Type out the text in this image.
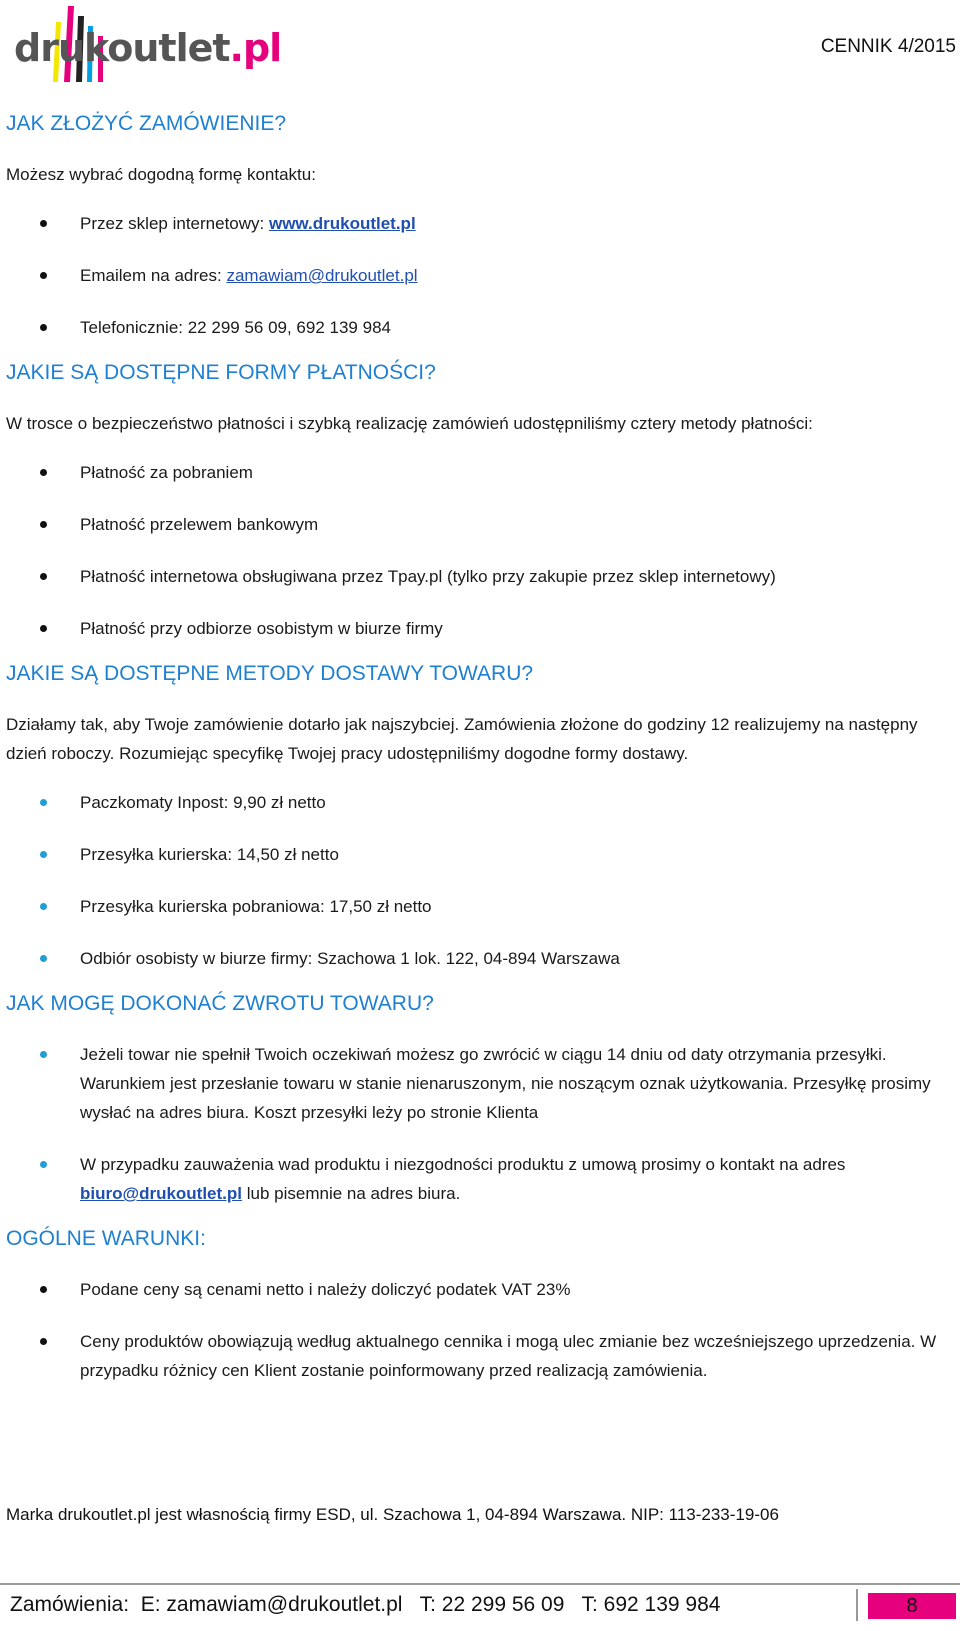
drukoutlet.pl	CENNIK 4/2015
JAK ZŁOŻYĆ ZAMÓWIENIE?

Możesz wybrać dogodną formę kontaktu:

Przez sklep internetowy: www.drukoutlet.pl
Emailem na adres: zamawiam@drukoutlet.pl
Telefonicznie: 22 299 56 09, 692 139 984
JAKIE SĄ DOSTĘPNE FORMY PŁATNOŚCI?

W trosce o bezpieczeństwo płatności i szybką realizację zamówień udostępniliśmy cztery metody płatności:

Płatność za pobraniem
Płatność przelewem bankowym
Płatność internetowa obsługiwana przez Tpay.pl (tylko przy zakupie przez sklep internetowy)
Płatność przy odbiorze osobistym w biurze firmy
JAKIE SĄ DOSTĘPNE METODY DOSTAWY TOWARU?

Działamy tak, aby Twoje zamówienie dotarło jak najszybciej. Zamówienia złożone do godziny 12 realizujemy na następny dzień roboczy. Rozumiejąc specyfikę Twojej pracy udostępniliśmy dogodne formy dostawy.

Paczkomaty Inpost: 9,90 zł netto
Przesyłka kurierska: 14,50 zł netto
Przesyłka kurierska pobraniowa: 17,50 zł netto
Odbiór osobisty w biurze firmy: Szachowa 1 lok. 122, 04-894 Warszawa
JAK MOGĘ DOKONAĆ ZWROTU TOWARU?
Jeżeli towar nie spełnił Twoich oczekiwań możesz go zwrócić w ciągu 14 dniu od daty otrzymania przesyłki. Warunkiem jest przesłanie towaru w stanie nienaruszonym, nie noszącym oznak użytkowania. Przesyłkę prosimy wysłać na adres biura. Koszt przesyłki leży po stronie Klienta
W przypadku zauważenia wad produktu i niezgodności produktu z umową prosimy o kontakt na adres biuro@drukoutlet.pl lub pisemnie na adres biura.
OGÓLNE WARUNKI:
Podane ceny są cenami netto i należy doliczyć podatek VAT 23%
Ceny produktów obowiązują według aktualnego cennika i mogą ulec zmianie bez wcześniejszego uprzedzenia. W przypadku różnicy cen Klient zostanie poinformowany przed realizacją zamówienia.
Marka drukoutlet.pl jest własnością firmy ESD, ul. Szachowa 1, 04-894 Warszawa. NIP: 113-233-19-06
Zamówienia:  E: zamawiam@drukoutlet.pl   T: 22 299 56 09   T: 692 139 984	8
